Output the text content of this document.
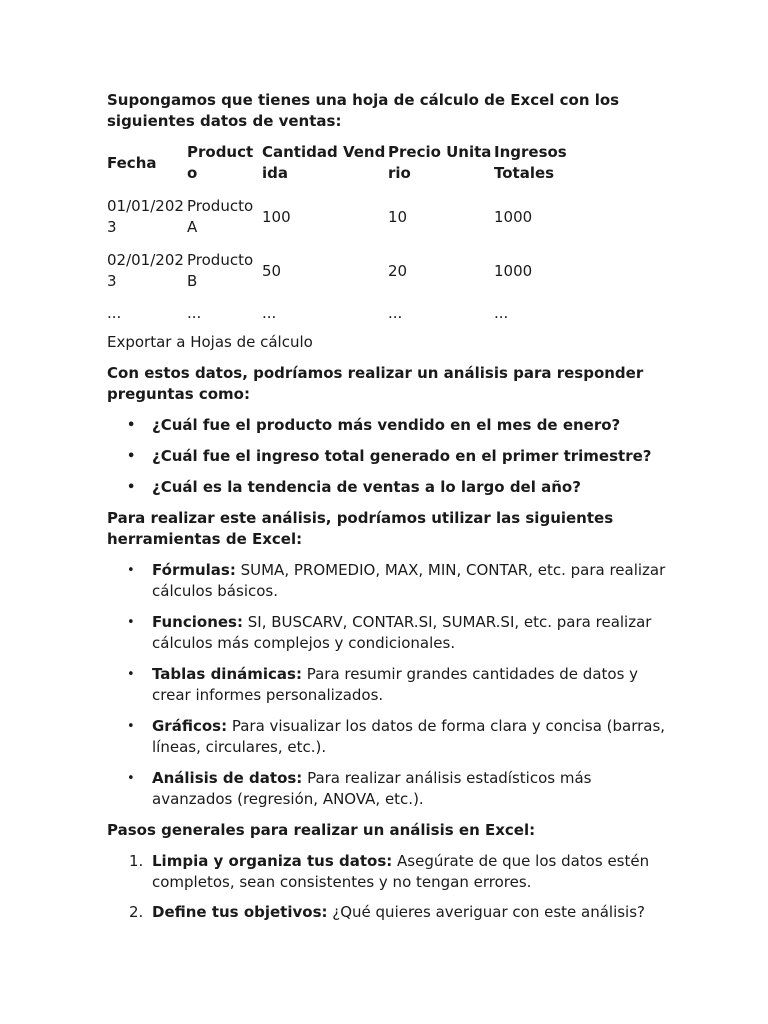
Supongamos que tienes una hoja de cálculo de Excel con los siguientes datos de ventas:

Fecha	Producto	Cantidad Vendida	Precio Unitario	Ingresos Totales
01/01/2023	Producto A	100	10	1000
02/01/2023	Producto B	50	20	1000
...	...	...	...	...

Exportar a Hojas de cálculo

Con estos datos, podríamos realizar un análisis para responder preguntas como:

• ¿Cuál fue el producto más vendido en el mes de enero?
• ¿Cuál fue el ingreso total generado en el primer trimestre?
• ¿Cuál es la tendencia de ventas a lo largo del año?

Para realizar este análisis, podríamos utilizar las siguientes herramientas de Excel:

• Fórmulas: SUMA, PROMEDIO, MAX, MIN, CONTAR, etc. para realizar cálculos básicos.
• Funciones: SI, BUSCARV, CONTAR.SI, SUMAR.SI, etc. para realizar cálculos más complejos y condicionales.
• Tablas dinámicas: Para resumir grandes cantidades de datos y crear informes personalizados.
• Gráficos: Para visualizar los datos de forma clara y concisa (barras, líneas, circulares, etc.).
• Análisis de datos: Para realizar análisis estadísticos más avanzados (regresión, ANOVA, etc.).

Pasos generales para realizar un análisis en Excel:

1. Limpia y organiza tus datos: Asegúrate de que los datos estén completos, sean consistentes y no tengan errores.
2. Define tus objetivos: ¿Qué quieres averiguar con este análisis?
